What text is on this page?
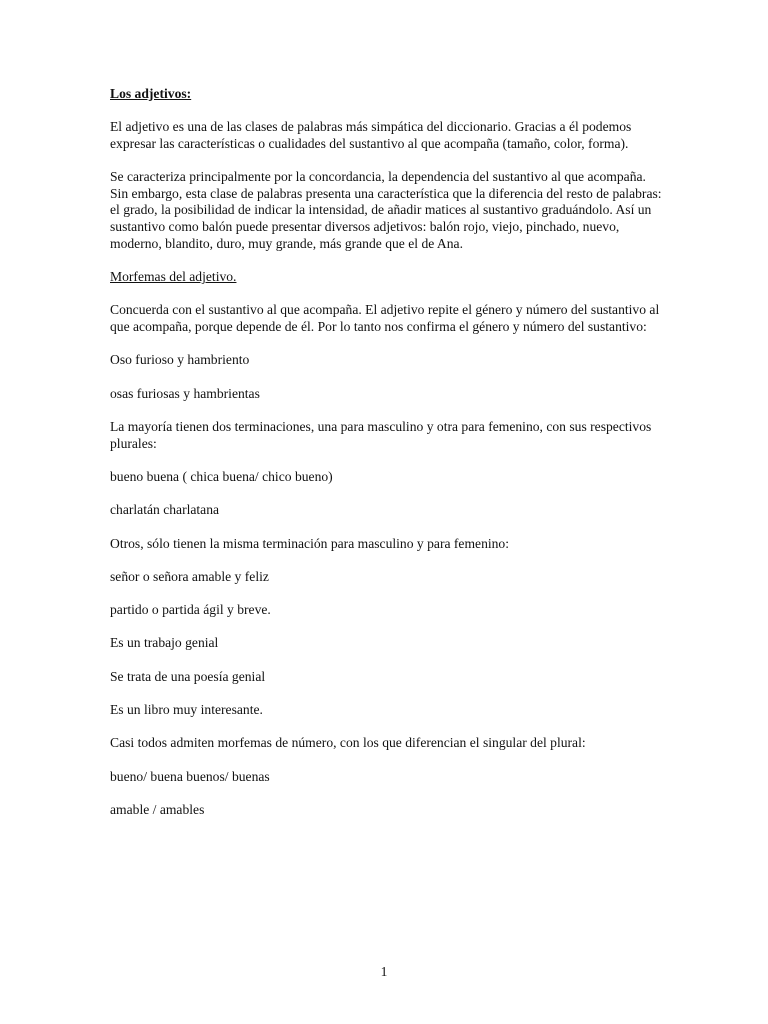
Los adjetivos:

El adjetivo es una de las clases de palabras más simpática del diccionario. Gracias a él podemos expresar las características o cualidades del sustantivo al que acompaña (tamaño, color, forma).

Se caracteriza principalmente por la concordancia, la dependencia del sustantivo al que acompaña. Sin embargo, esta clase de palabras presenta una característica que la diferencia del resto de palabras: el grado, la posibilidad de indicar la intensidad, de añadir matices al sustantivo graduándolo. Así un sustantivo como balón puede presentar diversos adjetivos: balón rojo, viejo, pinchado, nuevo, moderno, blandito, duro, muy grande, más grande que el de Ana.

Morfemas del adjetivo.

Concuerda con el sustantivo al que acompaña. El adjetivo repite el género y número del sustantivo al que acompaña, porque depende de él. Por lo tanto nos confirma el género y número del sustantivo:

Oso furioso y hambriento

osas furiosas y hambrientas

La mayoría tienen dos terminaciones, una para masculino y otra para femenino, con sus respectivos plurales:

bueno buena ( chica buena/ chico bueno)

charlatán charlatana

Otros, sólo tienen la misma terminación para masculino y para femenino:

señor o señora amable y feliz

partido o partida ágil y breve.

Es un trabajo genial

Se trata de una poesía genial

Es un libro muy interesante.

Casi todos admiten morfemas de número, con los que diferencian el singular del plural:

bueno/ buena buenos/ buenas

amable / amables

1
